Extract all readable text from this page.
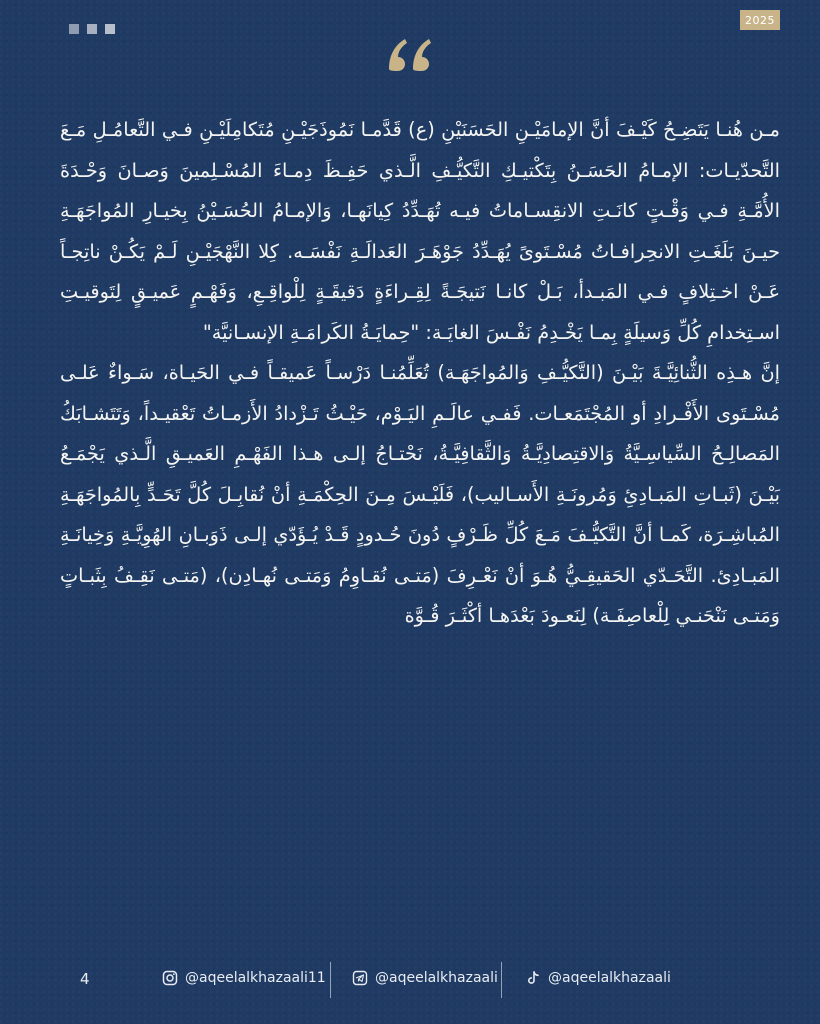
2025
مـن هُنـا يَتَضِـحُ كَيْـفَ أنَّ الإمامَيْـنِ الحَسَنَيْنِ (ع) قَدَّمـا نَمُوذَجَيْـنِ مُتَكامِلَيْـنِ فـي التَّعامُـلِ مَـعَ التَّحدّيـات: الإمـامُ الحَسَـنُ بِتَكْتيـكِ التَّكيُّـفِ الَّـذي حَفِـظَ دِمـاءَ المُسْـلِمينَ وَصـانَ وَحْـدَةَ الأُمَّـةِ فـي وَقْـتٍ كانَـتِ الانقِسـاماتُ فيـه تُهَـدِّدُ كِيانَهـا، وَالإمـامُ الحُسَـيْنُ بِخيـارِ المُواجَهَـةِ حيـنَ بَلَغَـتِ الانحِرافـاتُ مُسْـتَوىً يُهَـدِّدُ جَوْهَـرَ العَدالَـةِ نَفْسَـه. كِلا النَّهْجَيْـنِ لَـمْ يَكُـنْ ناتِجـاً عَـنْ اخـتِلافٍ فـي المَبـدأ، بَـلْ كانـا نَتيجَـةً لِقِـراءَةٍ دَقيقَـةٍ لِلْواقِـعِ، وَفَهْـمٍ عَميـقٍ لِتَوقيـتِ اسـتِخدامِ كُلِّ وَسيلَةٍ بِمـا يَخْـدِمُ نَفْـسَ الغايَـة: "حِمايَـةُ الكَرامَـةِ الإنسـانيَّة"
إنَّ هـذِه الثُّنائِيَّـةَ بَيْـنَ (التَّكيُّـفِ وَالمُواجَهَـة) تُعَلِّمُنـا دَرْسـاً عَميقـاً فـي الحَيـاة، سَـواءٌ عَلـى مُسْـتَوى الأَفْـرادِ أو المُجْتَمَعـات. فَفـي عالَـمِ اليَـوْم، حَيْـثُ تَـزْدادُ الأَزمـاتُ تَعْقيـداً، وَتَتَشـابَكُ المَصالِـحُ السِّياسِـيَّةُ وَالاقتِصادِيَّـةُ وَالثَّقافِيَّـةُ، نَحْتـاجُ إلـى هـذا الفَهْـمِ العَميـقِ الَّـذي يَجْمَـعُ بَيْـنَ (ثَبـاتِ المَبـادِئِ وَمُرونَـةِ الأَسـاليب)، فَلَيْـسَ مِـنَ الحِكْمَـةِ أنْ نُقابِـلَ كُلَّ تَحَـدٍّ بِالمُواجَهَـةِ المُباشِـرَة، كَمـا أنَّ التَّكيُّـفَ مَـعَ كُلِّ ظَـرْفٍ دُونَ حُـدودٍ قَـدْ يُـؤَدّي إلـى ذَوَبـانِ الهُوِيَّـةِ وَخِيانَـةِ المَبـادِئ. التَّحَـدّي الحَقيقِـيُّ هُـوَ أنْ نَعْـرِفَ (مَتـى نُقـاوِمُ وَمَتـى نُهـادِن)، (مَتـى نَقِـفُ بِثَبـاتٍ وَمَتـى نَنْحَنـي لِلْعاصِفَـة) لِنَعـودَ بَعْدَهـا أكْثَـرَ قُـوَّة
4	@aqeelalkhazaali11	@aqeelalkhazaali	@aqeelalkhazaali
